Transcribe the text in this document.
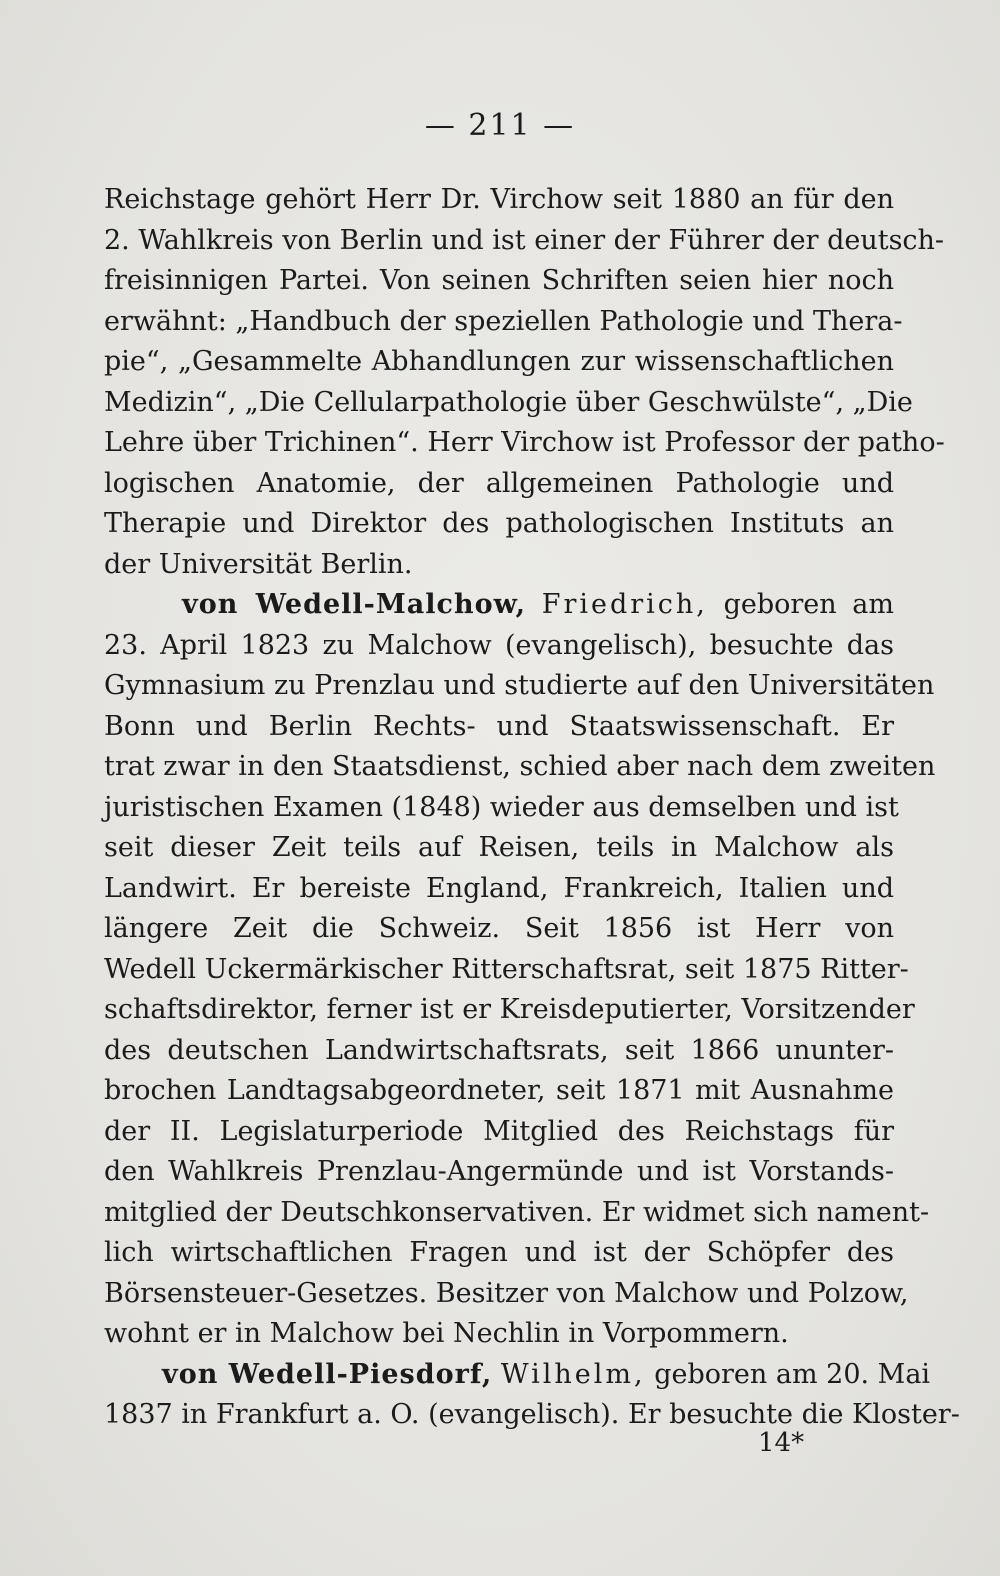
— 211 —
Reichstage gehört Herr Dr. Virchow seit 1880 an für den
2. Wahlkreis von Berlin und ist einer der Führer der deutsch-
freisinnigen Partei. Von seinen Schriften seien hier noch
erwähnt: „Handbuch der speziellen Pathologie und Thera-
pie“, „Gesammelte Abhandlungen zur wissenschaftlichen
Medizin“, „Die Cellularpathologie über Geschwülste“, „Die
Lehre über Trichinen“. Herr Virchow ist Professor der patho-
logischen Anatomie, der allgemeinen Pathologie und
Therapie und Direktor des pathologischen Instituts an
der Universität Berlin.
von Wedell-Malchow, Friedrich, geboren am
23. April 1823 zu Malchow (evangelisch), besuchte das
Gymnasium zu Prenzlau und studierte auf den Universitäten
Bonn und Berlin Rechts- und Staatswissenschaft. Er
trat zwar in den Staatsdienst, schied aber nach dem zweiten
juristischen Examen (1848) wieder aus demselben und ist
seit dieser Zeit teils auf Reisen, teils in Malchow als
Landwirt. Er bereiste England, Frankreich, Italien und
längere Zeit die Schweiz. Seit 1856 ist Herr von
Wedell Uckermärkischer Ritterschaftsrat, seit 1875 Ritter-
schaftsdirektor, ferner ist er Kreisdeputierter, Vorsitzender
des deutschen Landwirtschaftsrats, seit 1866 ununter-
brochen Landtagsabgeordneter, seit 1871 mit Ausnahme
der II. Legislaturperiode Mitglied des Reichstags für
den Wahlkreis Prenzlau-Angermünde und ist Vorstands-
mitglied der Deutschkonservativen. Er widmet sich nament-
lich wirtschaftlichen Fragen und ist der Schöpfer des
Börsensteuer-Gesetzes. Besitzer von Malchow und Polzow,
wohnt er in Malchow bei Nechlin in Vorpommern.
von Wedell-Piesdorf, Wilhelm, geboren am 20. Mai
1837 in Frankfurt a. O. (evangelisch). Er besuchte die Kloster-
14*
